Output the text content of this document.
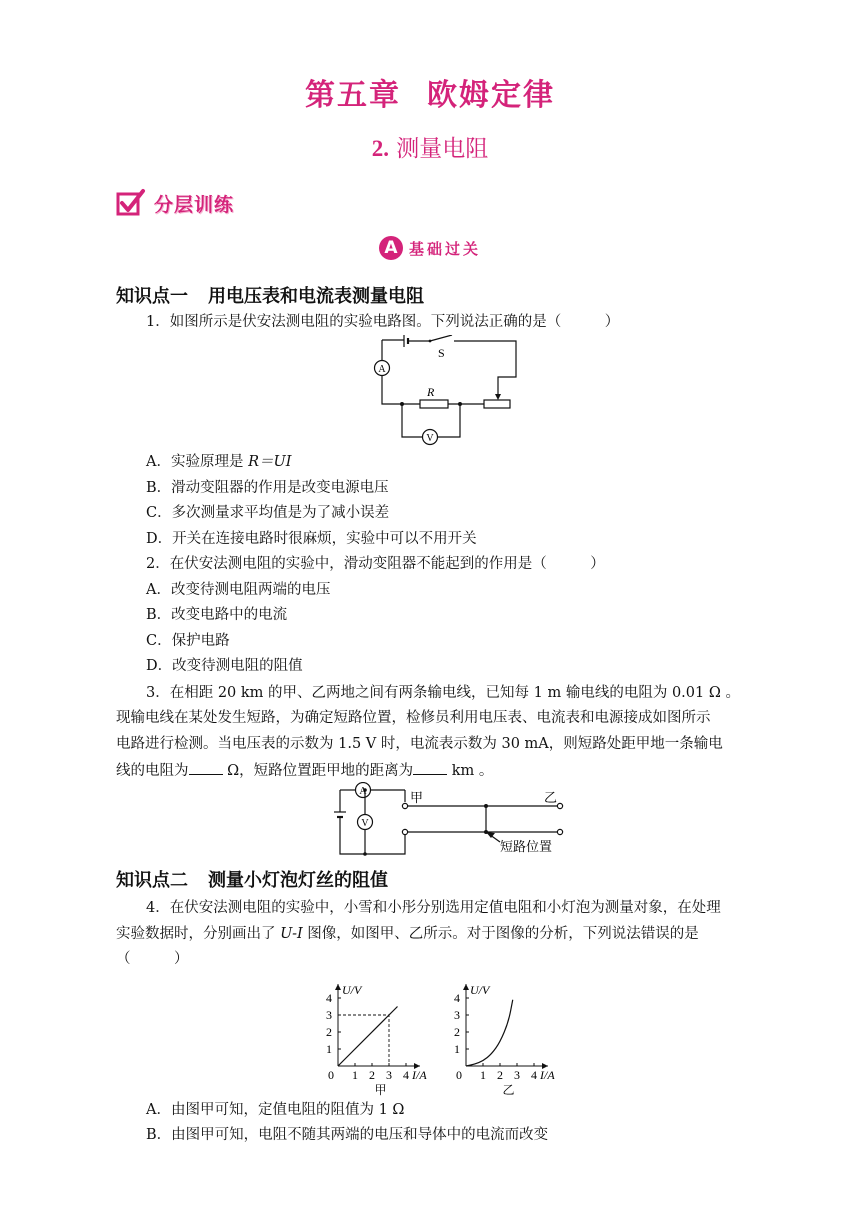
第五章 欧姆定律
2. 测量电阻
分层训练
A 基础过关
知识点一 用电压表和电流表测量电阻
1．如图所示是伏安法测电阻的实验电路图。下列说法正确的是（　　　）
S
R
A
V
A．实验原理是 R＝UI
B．滑动变阻器的作用是改变电源电压
C．多次测量求平均值是为了减小误差
D．开关在连接电路时很麻烦，实验中可以不用开关
2．在伏安法测电阻的实验中，滑动变阻器不能起到的作用是（　　　）
A．改变待测电阻两端的电压
B．改变电路中的电流
C．保护电路
D．改变待测电阻的阻值
3．在相距 20 km 的甲、乙两地之间有两条输电线，已知每 1 m 输电线的电阻为 0.01 Ω 。
现输电线在某处发生短路，为确定短路位置，检修员利用电压表、电流表和电源接成如图所示
电路进行检测。当电压表的示数为 1.5 V 时，电流表示数为 30 mA，则短路处距甲地一条输电
线的电阻为 Ω，短路位置距甲地的距离为 km 。
A
V
甲	乙
短路位置
知识点二 测量小灯泡灯丝的阻值
4．在伏安法测电阻的实验中，小雪和小彤分别选用定值电阻和小灯泡为测量对象，在处理
实验数据时，分别画出了 U-I 图像，如图甲、乙所示。对于图像的分析，下列说法错误的是
（　　　）
0 1 2 3 4
1
2
3
4
U/V
I/A
甲
0 1 2 3 4
1
2
3
4
U/V
I/A
乙
A．由图甲可知，定值电阻的阻值为 1 Ω
B．由图甲可知，电阻不随其两端的电压和导体中的电流而改变
